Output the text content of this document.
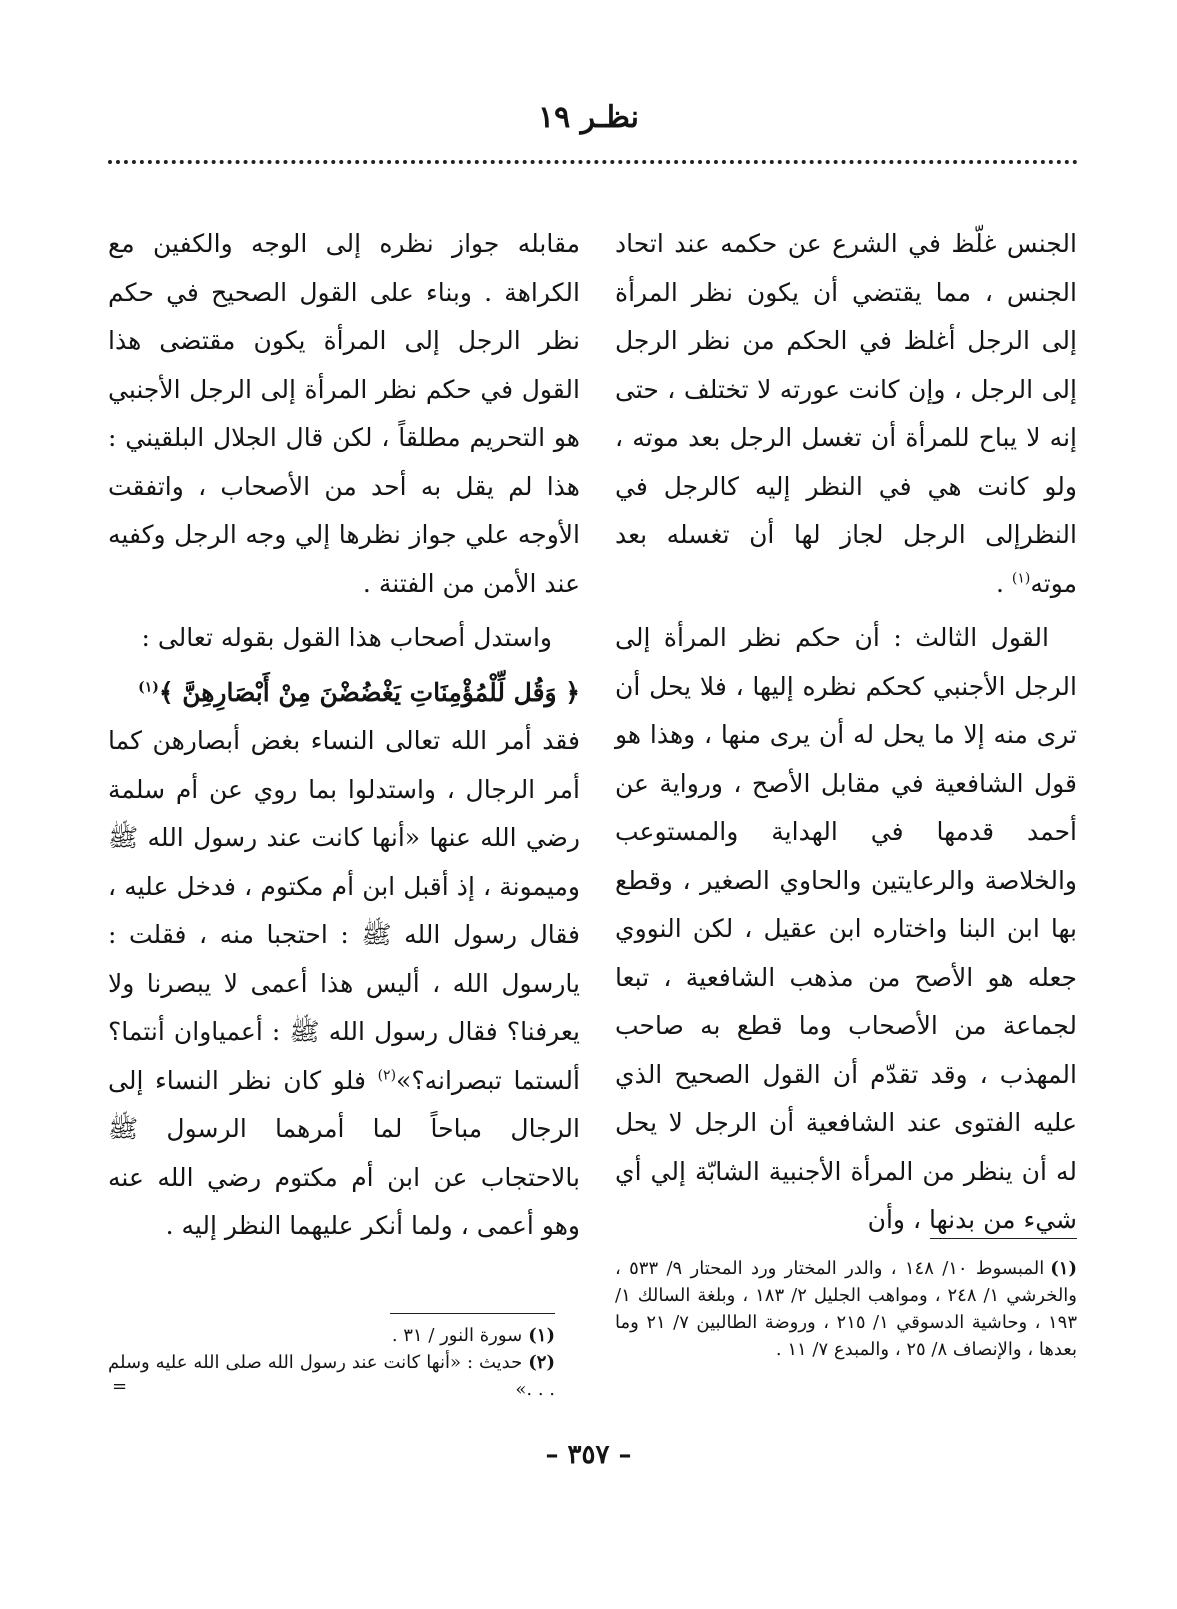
نظـر ١٩

الجنس غلّظ في الشرع عن حكمه عند اتحاد الجنس ، مما يقتضي أن يكون نظر المرأة إلى الرجل أغلظ في الحكم من نظر الرجل إلى الرجل ، وإن كانت عورته لا تختلف ، حتى إنه لا يباح للمرأة أن تغسل الرجل بعد موته ، ولو كانت هي في النظر إليه كالرجل في النظرإلى الرجل لجاز لها أن تغسله بعد موته$^{(١)}$ .

القول الثالث : أن حكم نظر المرأة إلى الرجل الأجنبي كحكم نظره إليها ، فلا يحل أن ترى منه إلا ما يحل له أن يرى منها ، وهذا هو قول الشافعية في مقابل الأصح ، ورواية عن أحمد قدمها في الهداية والمستوعب والخلاصة والرعايتين والحاوي الصغير ، وقطع بها ابن البنا واختاره ابن عقيل ، لكن النووي جعله هو الأصح من مذهب الشافعية ، تبعا لجماعة من الأصحاب وما قطع به صاحب المهذب ، وقد تقدّم أن القول الصحيح الذي عليه الفتوى عند الشافعية أن الرجل لا يحل له أن ينظر من المرأة الأجنبية الشابّة إلي أي شيء من بدنها ، وأن

مقابله جواز نظره إلى الوجه والكفين مع الكراهة . وبناء على القول الصحيح في حكم نظر الرجل إلى المرأة يكون مقتضى هذا القول في حكم نظر المرأة إلى الرجل الأجنبي هو التحريم مطلقاً ، لكن قال الجلال البلقيني : هذا لم يقل به أحد من الأصحاب ، واتفقت الأوجه علي جواز نظرها إلي وجه الرجل وكفيه عند الأمن من الفتنة .

واستدل أصحاب هذا القول بقوله تعالى :

﴿ وَقُل لِّلْمُؤْمِنَاتِ يَغْضُضْنَ مِنْ أَبْصَارِهِنَّ ﴾$^{(١)}$

فقد أمر الله تعالى النساء بغض أبصارهن كما أمر الرجال ، واستدلوا بما روي عن أم سلمة رضي الله عنها «أنها كانت عند رسول الله ﷺ وميمونة ، إذ أقبل ابن أم مكتوم ، فدخل عليه ، فقال رسول الله ﷺ : احتجبا منه ، فقلت : يارسول الله ، أليس هذا أعمى لا يبصرنا ولا يعرفنا؟ فقال رسول الله ﷺ : أعمياوان أنتما؟ ألستما تبصرانه؟»$^{(٢)}$ فلو كان نظر النساء إلى الرجال مباحاً لما أمرهما الرسول ﷺ بالاحتجاب عن ابن أم مكتوم رضي الله عنه وهو أعمى ، ولما أنكر عليهما النظر إليه .

(١)المبسوط ١٠/ ١٤٨ ، والدر المختار ورد المحتار ٩/ ٥٣٣ ، والخرشي ١/ ٢٤٨ ، ومواهب الجليل ٢/ ١٨٣ ، وبلغة السالك ١/ ١٩٣ ، وحاشية الدسوقي ١/ ٢١٥ ، وروضة الطالبين ٧/ ٢١ وما بعدها ، والإنصاف ٨/ ٢٥ ، والمبدع ٧/ ١١ .

(١)سورة النور / ٣١ .

(٢)حديث : «أنها كانت عند رسول الله صلى الله عليه وسلم . . .»

=
– ٣٥٧ –
